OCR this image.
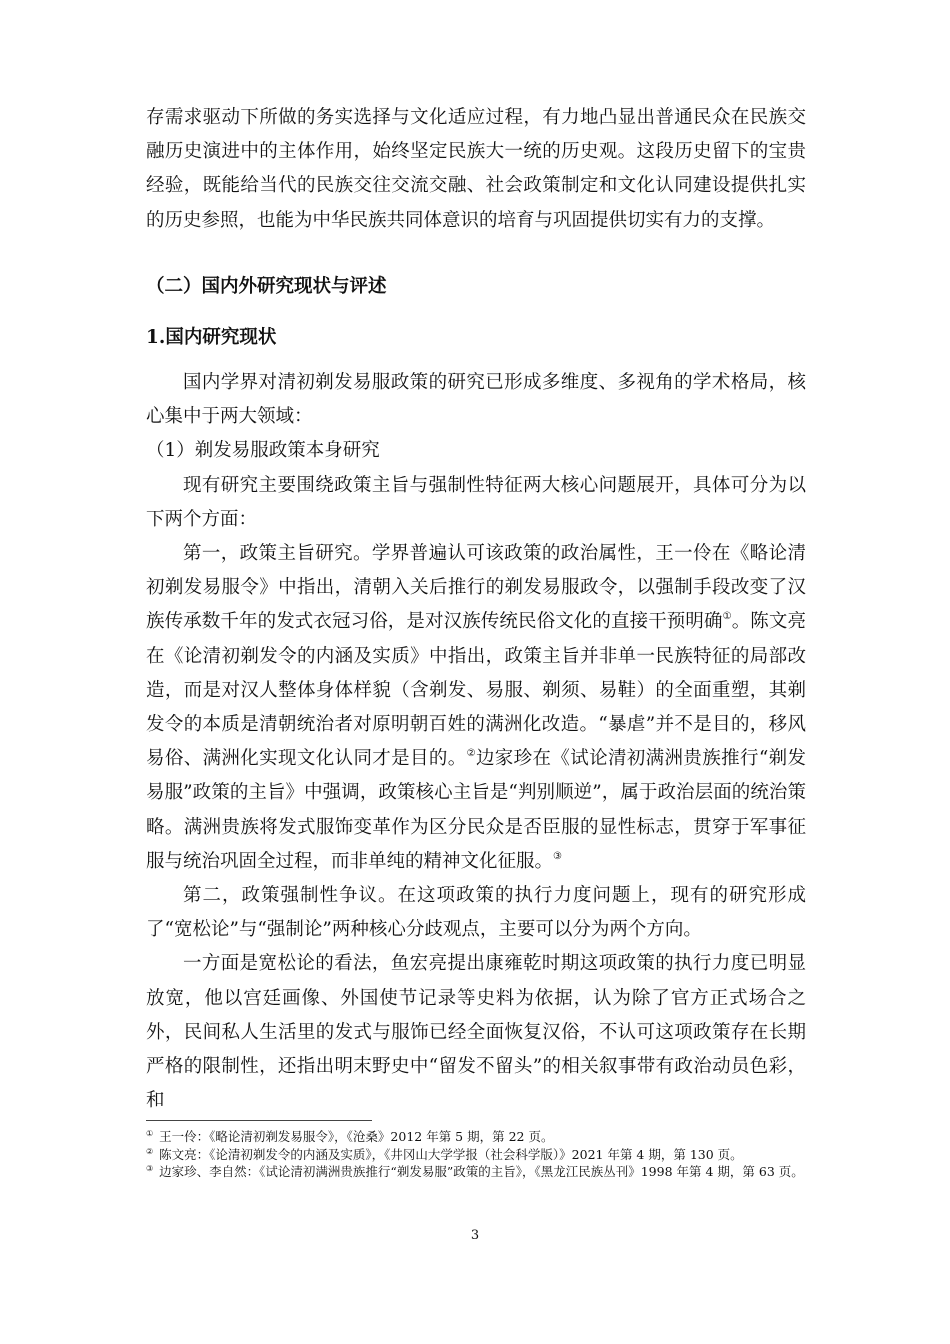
存需求驱动下所做的务实选择与文化适应过程，有力地凸显出普通民众在民族交融历史演进中的主体作用，始终坚定民族大一统的历史观。这段历史留下的宝贵经验，既能给当代的民族交往交流交融、社会政策制定和文化认同建设提供扎实的历史参照，也能为中华民族共同体意识的培育与巩固提供切实有力的支撑。

（二）国内外研究现状与评述
1.国内研究现状

国内学界对清初剃发易服政策的研究已形成多维度、多视角的学术格局，核心集中于两大领域：

（1）剃发易服政策本身研究

现有研究主要围绕政策主旨与强制性特征两大核心问题展开，具体可分为以下两个方面：

第一，政策主旨研究。学界普遍认可该政策的政治属性，王一伶在《略论清初剃发易服令》中指出，清朝入关后推行的剃发易服政令，以强制手段改变了汉族传承数千年的发式衣冠习俗，是对汉族传统民俗文化的直接干预明确①。陈文亮在《论清初剃发令的内涵及实质》中指出，政策主旨并非单一民族特征的局部改造，而是对汉人整体身体样貌（含剃发、易服、剃须、易鞋）的全面重塑，其剃发令的本质是清朝统治者对原明朝百姓的满洲化改造。“暴虐”并不是目的，移风易俗、满洲化实现文化认同才是目的。②边家珍在《试论清初满洲贵族推行“剃发易服”政策的主旨》中强调，政策核心主旨是“判别顺逆”，属于政治层面的统治策略。满洲贵族将发式服饰变革作为区分民众是否臣服的显性标志，贯穿于军事征服与统治巩固全过程，而非单纯的精神文化征服。③

第二，政策强制性争议。在这项政策的执行力度问题上，现有的研究形成了“宽松论”与“强制论”两种核心分歧观点，主要可以分为两个方向。

一方面是宽松论的看法，鱼宏亮提出康雍乾时期这项政策的执行力度已明显放宽，他以宫廷画像、外国使节记录等史料为依据，认为除了官方正式场合之外，民间私人生活里的发式与服饰已经全面恢复汉俗，不认可这项政策存在长期严格的限制性，还指出明末野史中“留发不留头”的相关叙事带有政治动员色彩，和

① 王一伶：《略论清初剃发易服令》，《沧桑》2012 年第 5 期，第 22 页。

② 陈文亮：《论清初剃发令的内涵及实质》，《井冈山大学学报（社会科学版）》2021 年第 4 期，第 130 页。

③ 边家珍、李自然：《试论清初满洲贵族推行“剃发易服”政策的主旨》，《黑龙江民族丛刊》1998 年第 4 期，第 63 页。

3
